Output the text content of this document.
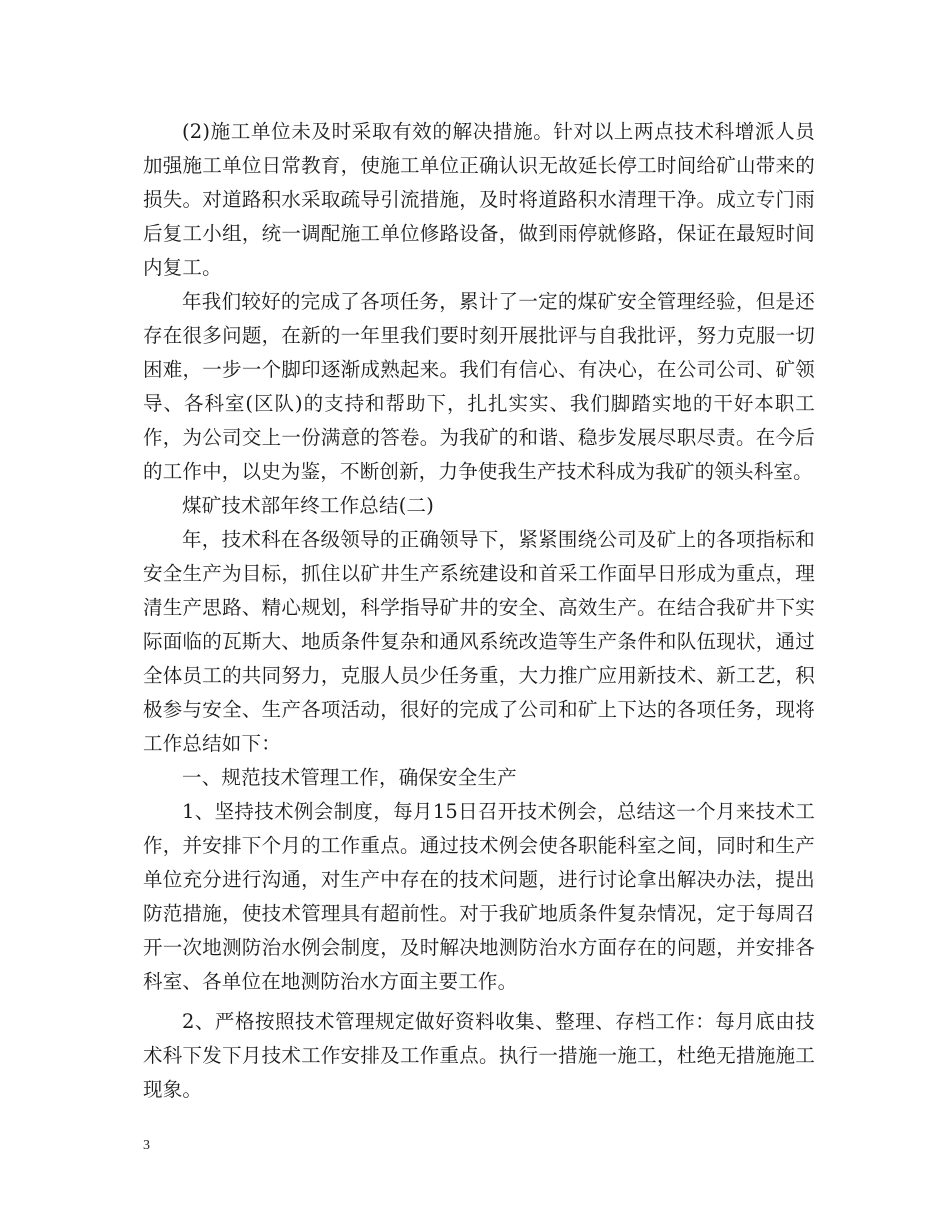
(2)施工单位未及时采取有效的解决措施。针对以上两点技术科增派人员加强施工单位日常教育，使施工单位正确认识无故延长停工时间给矿山带来的损失。对道路积水采取疏导引流措施，及时将道路积水清理干净。成立专门雨后复工小组，统一调配施工单位修路设备，做到雨停就修路，保证在最短时间内复工。

年我们较好的完成了各项任务，累计了一定的煤矿安全管理经验，但是还存在很多问题，在新的一年里我们要时刻开展批评与自我批评，努力克服一切困难，一步一个脚印逐渐成熟起来。我们有信心、有决心，在公司公司、矿领导、各科室(区队)的支持和帮助下，扎扎实实、我们脚踏实地的干好本职工作，为公司交上一份满意的答卷。为我矿的和谐、稳步发展尽职尽责。在今后的工作中，以史为鉴，不断创新，力争使我生产技术科成为我矿的领头科室。

煤矿技术部年终工作总结(二)

年，技术科在各级领导的正确领导下，紧紧围绕公司及矿上的各项指标和安全生产为目标，抓住以矿井生产系统建设和首采工作面早日形成为重点，理清生产思路、精心规划，科学指导矿井的安全、高效生产。在结合我矿井下实际面临的瓦斯大、地质条件复杂和通风系统改造等生产条件和队伍现状，通过全体员工的共同努力，克服人员少任务重，大力推广应用新技术、新工艺，积极参与安全、生产各项活动，很好的完成了公司和矿上下达的各项任务，现将工作总结如下：

一、规范技术管理工作，确保安全生产

1、坚持技术例会制度，每月15日召开技术例会，总结这一个月来技术工作，并安排下个月的工作重点。通过技术例会使各职能科室之间，同时和生产单位充分进行沟通，对生产中存在的技术问题，进行讨论拿出解决办法，提出防范措施，使技术管理具有超前性。对于我矿地质条件复杂情况，定于每周召开一次地测防治水例会制度，及时解决地测防治水方面存在的问题，并安排各科室、各单位在地测防治水方面主要工作。

2、严格按照技术管理规定做好资料收集、整理、存档工作：每月底由技术科下发下月技术工作安排及工作重点。执行一措施一施工，杜绝无措施施工现象。

3
